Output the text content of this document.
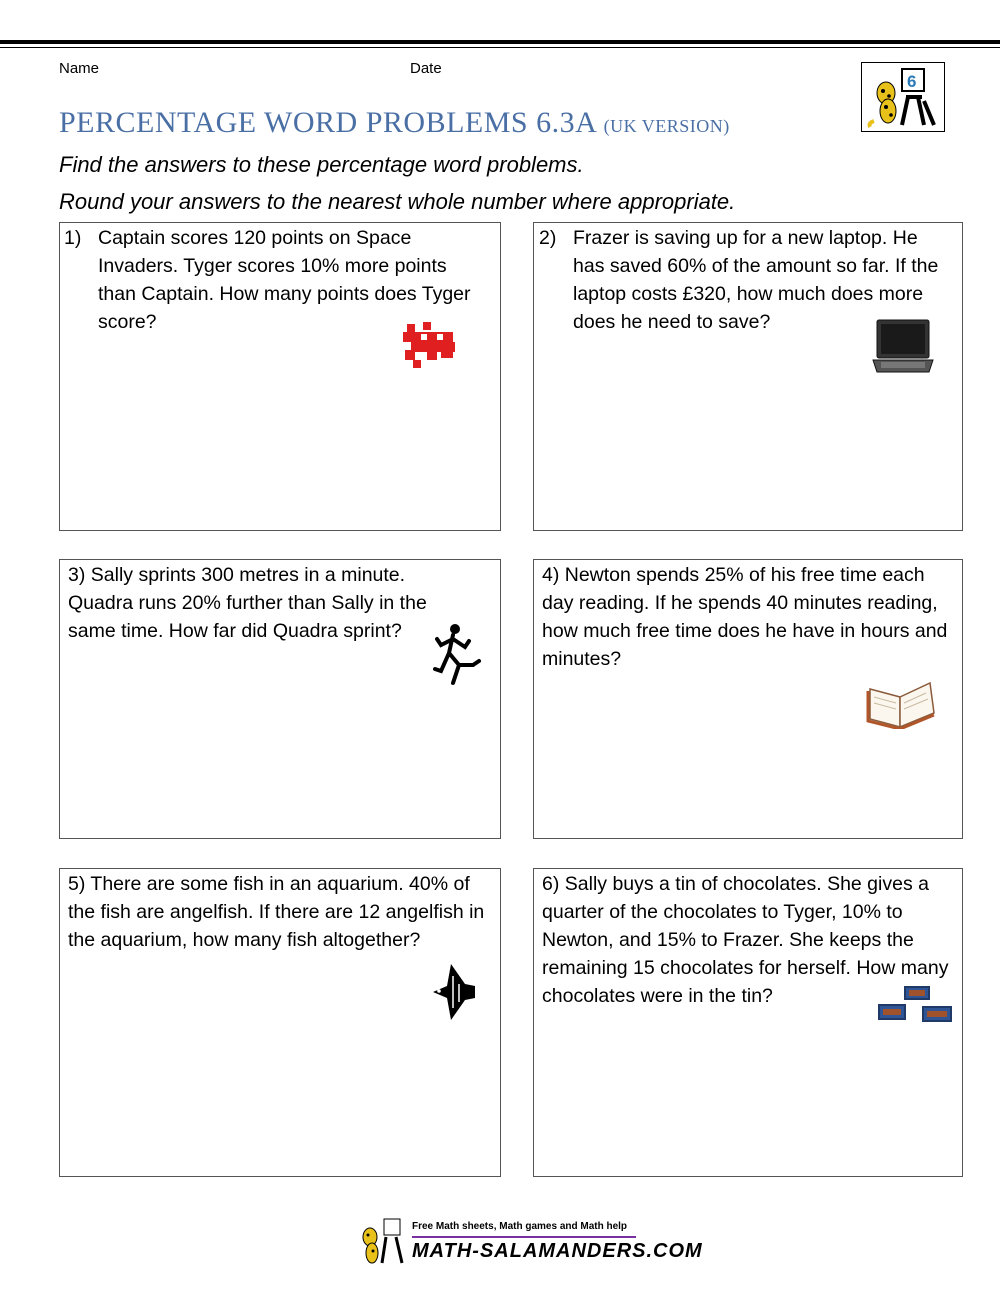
Name	Date
6
PERCENTAGE WORD PROBLEMS 6.3A (UK VERSION)
Find the answers to these percentage word problems.
Round your answers to the nearest whole number where appropriate.
1) Captain scores 120 points on Space Invaders. Tyger scores 10% more points than Captain. How many points does Tyger score?
2) Frazer is saving up for a new laptop. He has saved 60% of the amount so far. If the laptop costs £320, how much does more does he need to save?
3) Sally sprints 300 metres in a minute. Quadra runs 20% further than Sally in the same time. How far did Quadra sprint?
4) Newton spends 25% of his free time each day reading. If he spends 40 minutes reading, how much free time does he have in hours and minutes?
5) There are some fish in an aquarium. 40% of the fish are angelfish. If there are 12 angelfish in the aquarium, how many fish altogether?
6) Sally buys a tin of chocolates. She gives a quarter of the chocolates to Tyger, 10% to Newton, and 15% to Frazer. She keeps the remaining 15 chocolates for herself. How many chocolates were in the tin?
Free Math sheets, Math games and Math help
MATH-SALAMANDERS.COM
